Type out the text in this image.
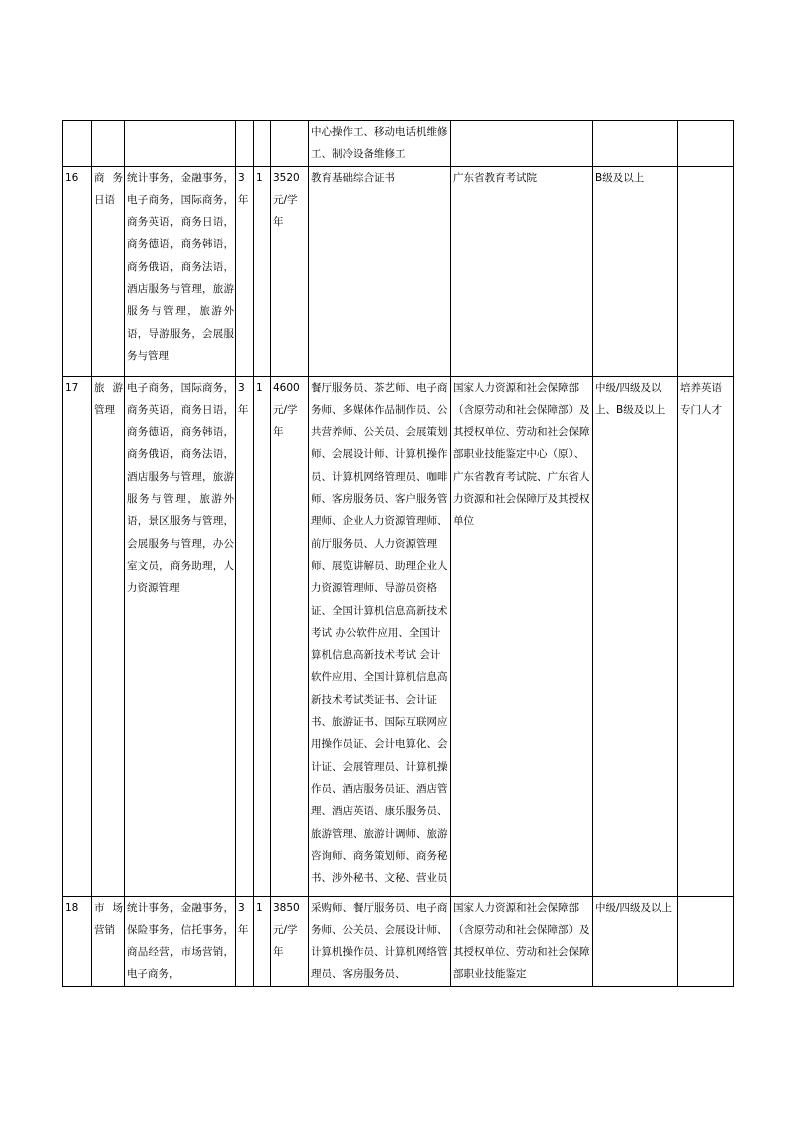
						中心操作工、移动电话机维修工、制冷设备维修工			
16	商务日语	统计事务，金融事务，电子商务，国际商务，商务英语，商务日语，商务德语，商务韩语，商务俄语，商务法语，酒店服务与管理，旅游服务与管理，旅游外语，导游服务，会展服务与管理	3年	1	3520元/学年	教育基础综合证书	广东省教育考试院	B级及以上	
17	旅游管理	电子商务，国际商务，商务英语，商务日语，商务德语，商务韩语，商务俄语，商务法语，酒店服务与管理，旅游服务与管理，旅游外语，景区服务与管理，会展服务与管理，办公室文员，商务助理，人力资源管理	3年	1	4600元/学年	餐厅服务员、茶艺师、电子商务师、多媒体作品制作员、公共营养师、公关员、会展策划师、会展设计师、计算机操作员、计算机网络管理员、咖啡师、客房服务员、客户服务管理师、企业人力资源管理师、前厅服务员、人力资源管理师、展览讲解员、助理企业人力资源管理师、导游员资格证、全国计算机信息高新技术考试 办公软件应用、全国计算机信息高新技术考试 会计软件应用、全国计算机信息高新技术考试类证书、会计证书、旅游证书、国际互联网应用操作员证、会计电算化、会计证、会展管理员、计算机操作员、酒店服务员证、酒店管理、酒店英语、康乐服务员、旅游管理、旅游计调师、旅游咨询师、商务策划师、商务秘书、涉外秘书、文秘、营业员	国家人力资源和社会保障部（含原劳动和社会保障部）及其授权单位、劳动和社会保障部职业技能鉴定中心（原）、广东省教育考试院、广东省人力资源和社会保障厅及其授权单位	中级/四级及以上、B级及以上	培养英语专门人才
18	市场营销	统计事务，金融事务，保险事务，信托事务，商品经营，市场营销，电子商务，	3年	1	3850元/学年	采购师、餐厅服务员、电子商务师、公关员、会展设计师、计算机操作员、计算机网络管理员、客房服务员、	国家人力资源和社会保障部（含原劳动和社会保障部）及其授权单位、劳动和社会保障部职业技能鉴定	中级/四级及以上	
